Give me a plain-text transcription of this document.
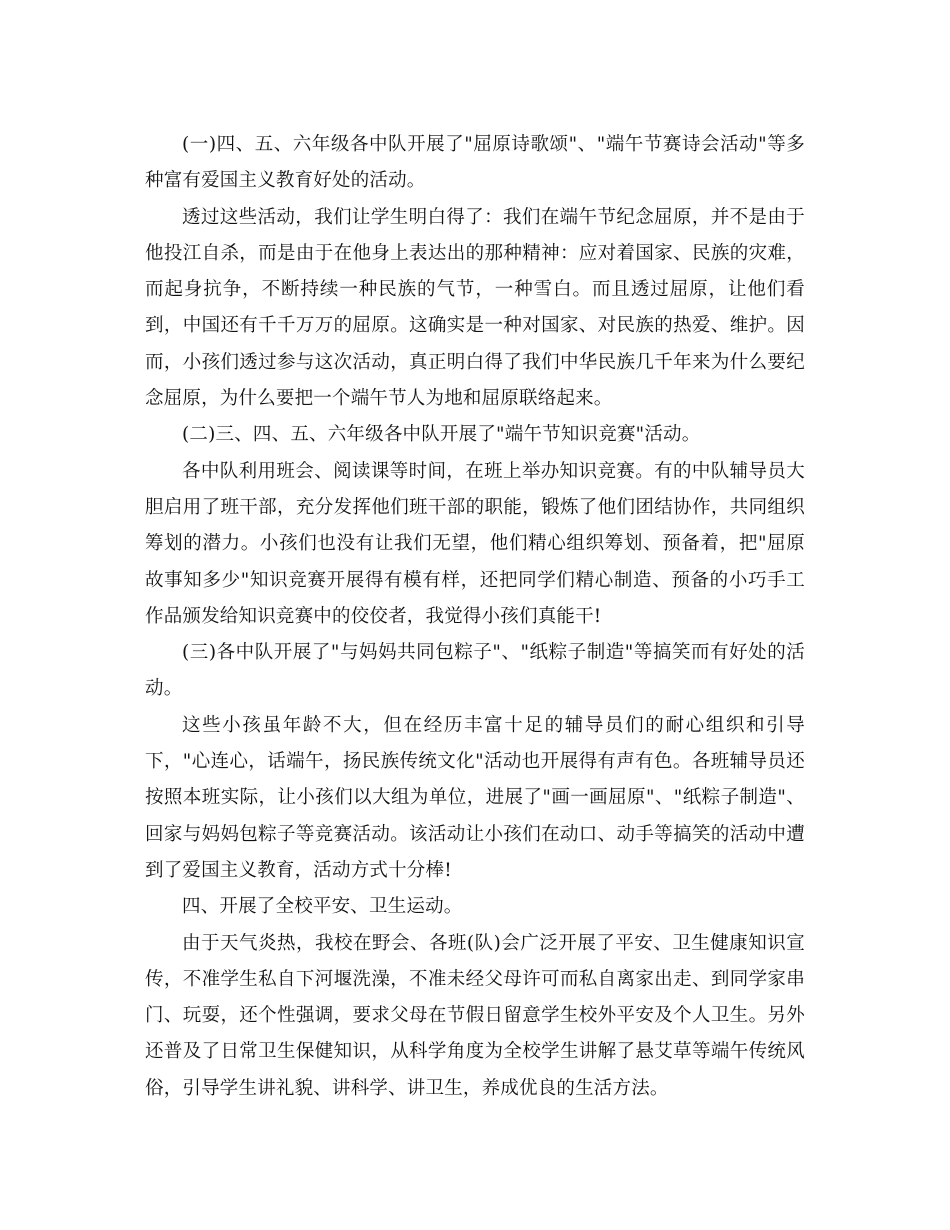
(一)四、五、六年级各中队开展了"屈原诗歌颂"、"端午节赛诗会活动"等多种富有爱国主义教育好处的活动。

透过这些活动，我们让学生明白得了：我们在端午节纪念屈原，并不是由于他投江自杀，而是由于在他身上表达出的那种精神：应对着国家、民族的灾难，而起身抗争，不断持续一种民族的气节，一种雪白。而且透过屈原，让他们看到，中国还有千千万万的屈原。这确实是一种对国家、对民族的热爱、维护。因而，小孩们透过参与这次活动，真正明白得了我们中华民族几千年来为什么要纪念屈原，为什么要把一个端午节人为地和屈原联络起来。

(二)三、四、五、六年级各中队开展了"端午节知识竞赛"活动。

各中队利用班会、阅读课等时间，在班上举办知识竞赛。有的中队辅导员大胆启用了班干部，充分发挥他们班干部的职能，锻炼了他们团结协作，共同组织筹划的潜力。小孩们也没有让我们无望，他们精心组织筹划、预备着，把"屈原故事知多少"知识竞赛开展得有模有样，还把同学们精心制造、预备的小巧手工作品颁发给知识竞赛中的佼佼者，我觉得小孩们真能干!

(三)各中队开展了"与妈妈共同包粽子"、"纸粽子制造"等搞笑而有好处的活动。

这些小孩虽年龄不大，但在经历丰富十足的辅导员们的耐心组织和引导下，"心连心，话端午，扬民族传统文化"活动也开展得有声有色。各班辅导员还按照本班实际，让小孩们以大组为单位，进展了"画一画屈原"、"纸粽子制造"、回家与妈妈包粽子等竞赛活动。该活动让小孩们在动口、动手等搞笑的活动中遭到了爱国主义教育，活动方式十分棒!

四、开展了全校平安、卫生运动。

由于天气炎热，我校在野会、各班(队)会广泛开展了平安、卫生健康知识宣传，不准学生私自下河堰洗澡，不准未经父母许可而私自离家出走、到同学家串门、玩耍，还个性强调，要求父母在节假日留意学生校外平安及个人卫生。另外还普及了日常卫生保健知识，从科学角度为全校学生讲解了悬艾草等端午传统风俗，引导学生讲礼貌、讲科学、讲卫生，养成优良的生活方法。
